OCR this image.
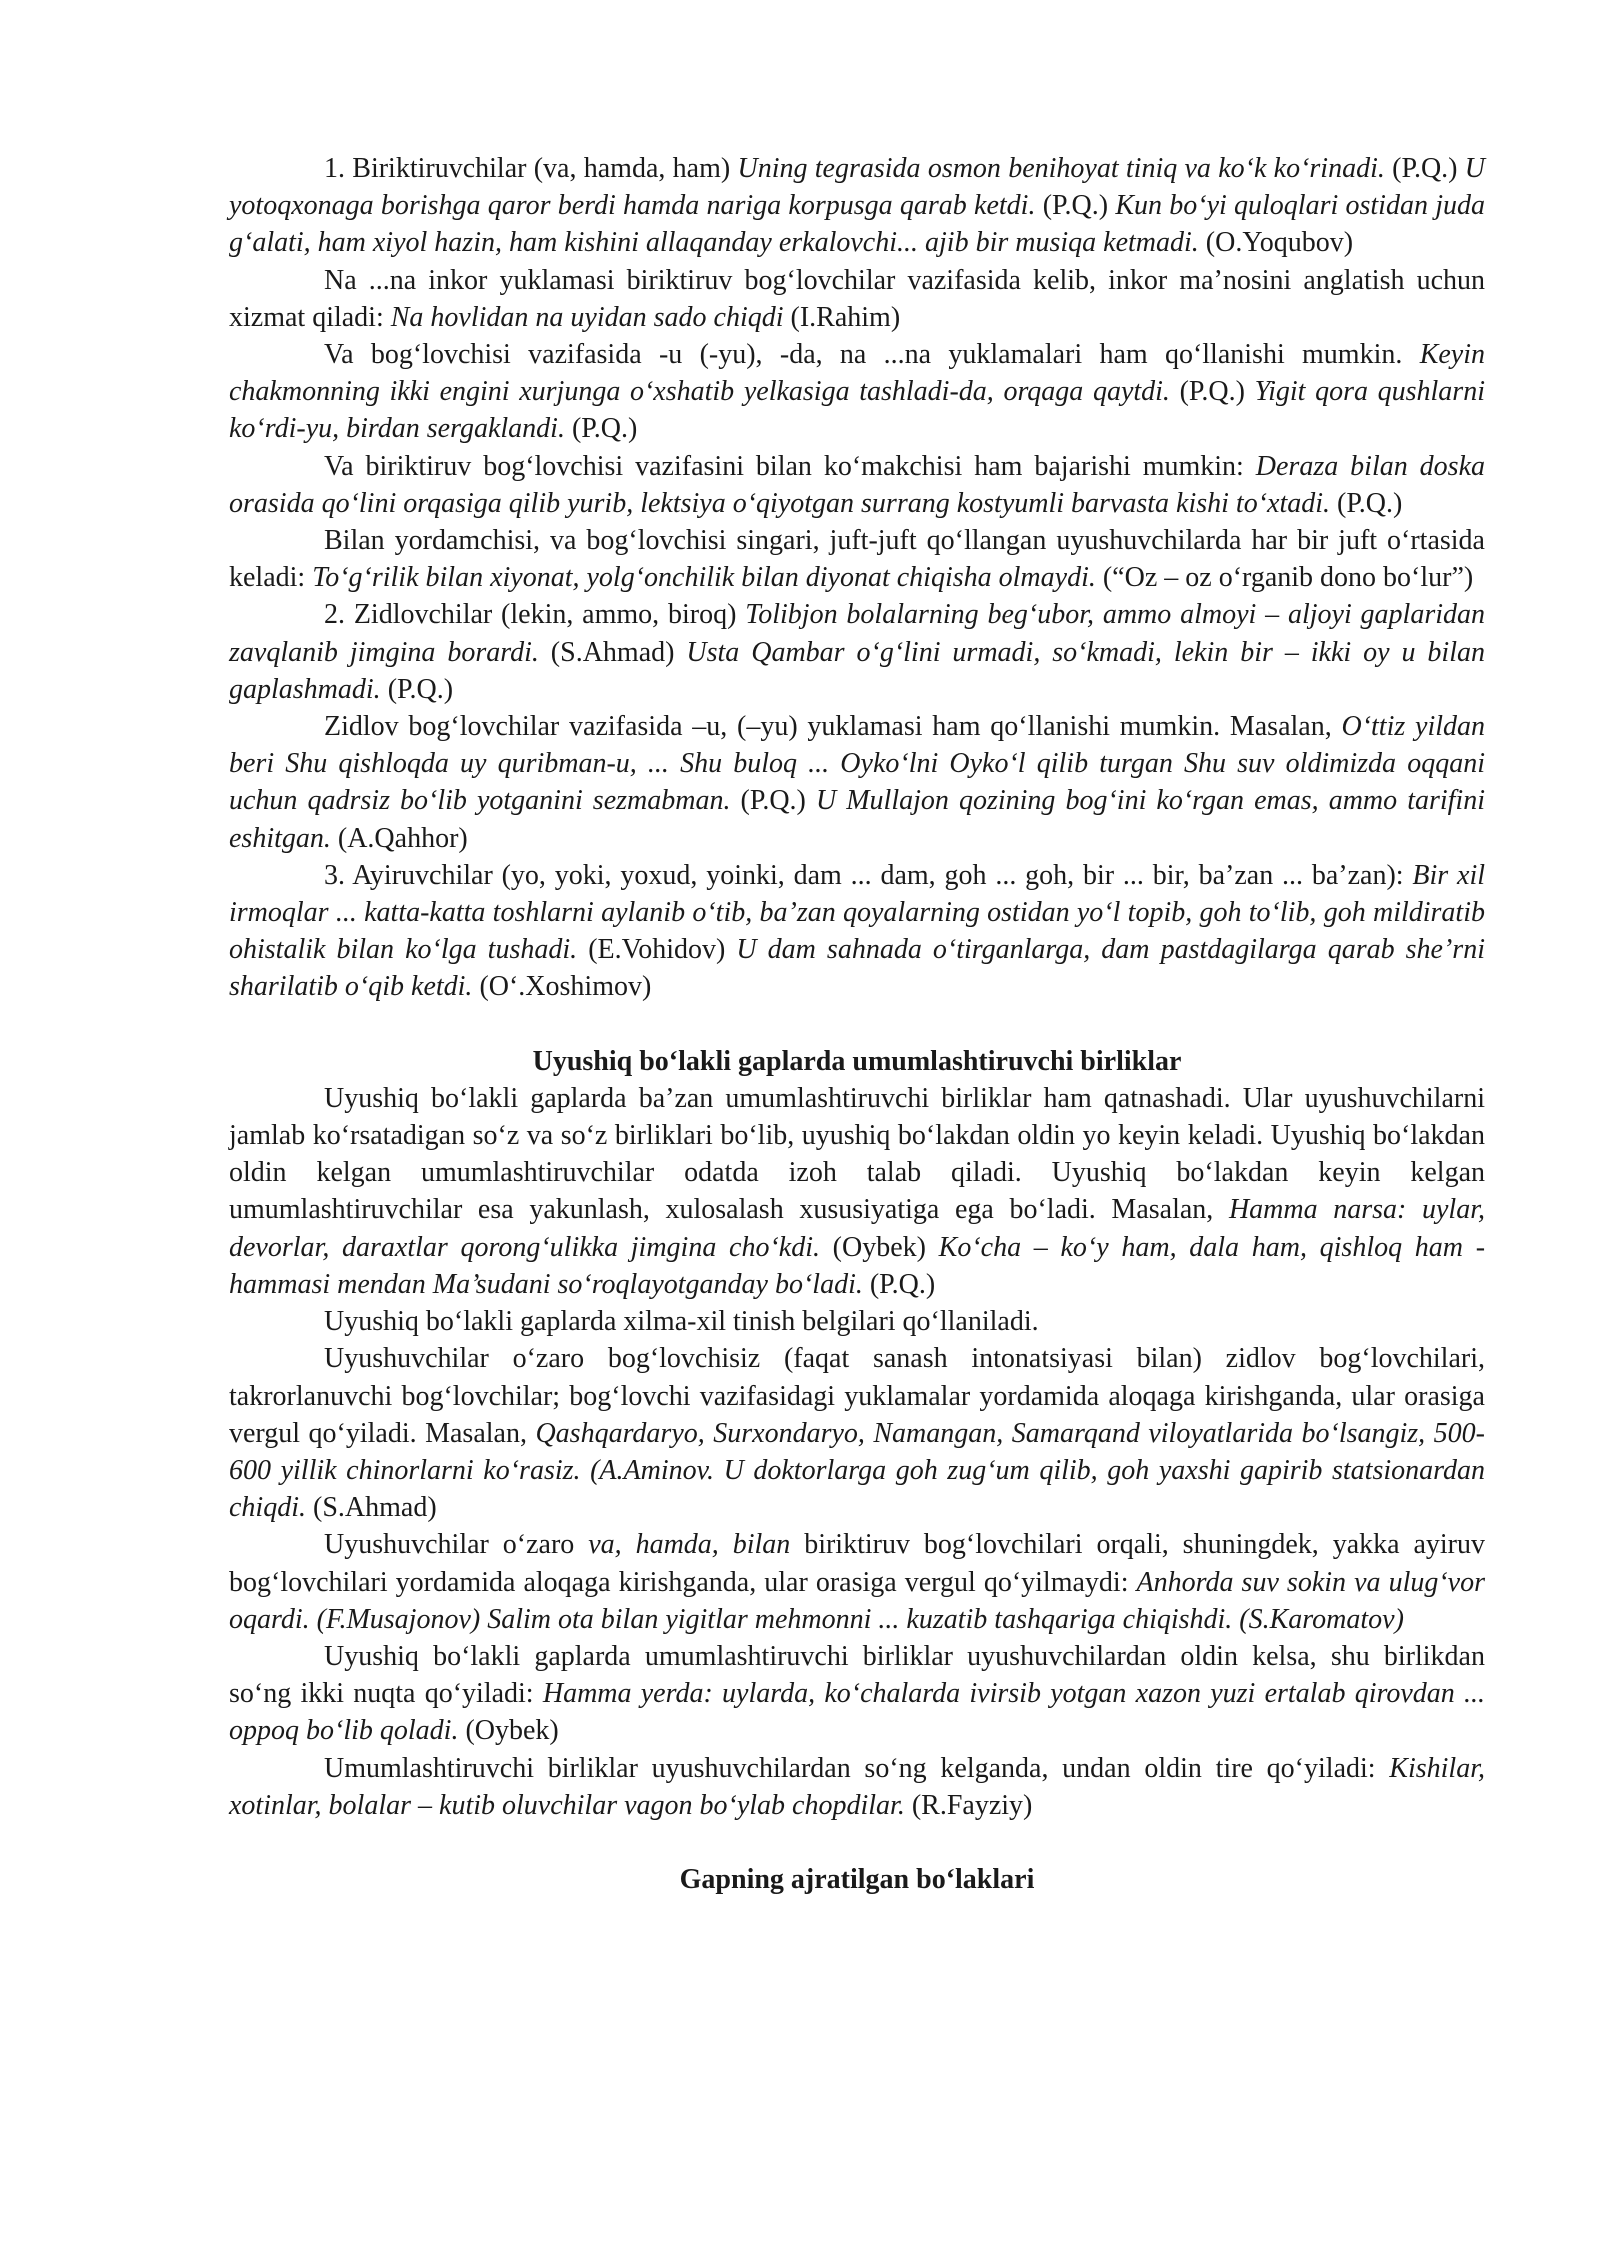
1. Biriktiruvchilar (va, hamda, ham) Uning tegrasida osmon benihoyat tiniq va ko‘k ko‘rinadi. (P.Q.) U yotoqxonaga borishga qaror berdi hamda nariga korpusga qarab ketdi. (P.Q.) Kun bo‘yi quloqlari ostidan juda g‘alati, ham xiyol hazin, ham kishini allaqanday erkalovchi... ajib bir musiqa ketmadi. (O.Yoqubov)

Na ...na inkor yuklamasi biriktiruv bog‘lovchilar vazifasida kelib, inkor ma’nosini anglatish uchun xizmat qiladi: Na hovlidan na uyidan sado chiqdi (I.Rahim)

Va bog‘lovchisi vazifasida -u (-yu), -da, na ...na yuklamalari ham qo‘llanishi mumkin. Keyin chakmonning ikki engini xurjunga o‘xshatib yelkasiga tashladi-da, orqaga qaytdi. (P.Q.) Yigit qora qushlarni ko‘rdi-yu, birdan sergaklandi. (P.Q.)

Va biriktiruv bog‘lovchisi vazifasini bilan ko‘makchisi ham bajarishi mumkin: Deraza bilan doska orasida qo‘lini orqasiga qilib yurib, lektsiya o‘qiyotgan surrang kostyumli barvasta kishi to‘xtadi. (P.Q.)

Bilan yordamchisi, va bog‘lovchisi singari, juft-juft qo‘llangan uyushuvchilarda har bir juft o‘rtasida keladi: To‘g‘rilik bilan xiyonat, yolg‘onchilik bilan diyonat chiqisha olmaydi. (“Oz – oz o‘rganib dono bo‘lur”)

2. Zidlovchilar (lekin, ammo, biroq) Tolibjon bolalarning beg‘ubor, ammo almoyi – aljoyi gaplaridan zavqlanib jimgina borardi. (S.Ahmad) Usta Qambar o‘g‘lini urmadi, so‘kmadi, lekin bir – ikki oy u bilan gaplashmadi. (P.Q.)

Zidlov bog‘lovchilar vazifasida –u, (–yu) yuklamasi ham qo‘llanishi mumkin. Masalan, O‘ttiz yildan beri Shu qishloqda uy quribman-u, ... Shu buloq ... Oyko‘lni Oyko‘l qilib turgan Shu suv oldimizda oqqani uchun qadrsiz bo‘lib yotganini sezmabman. (P.Q.) U Mullajon qozining bog‘ini ko‘rgan emas, ammo tarifini eshitgan. (A.Qahhor)

3. Ayiruvchilar (yo, yoki, yoxud, yoinki, dam ... dam, goh ... goh, bir ... bir, ba’zan ... ba’zan): Bir xil irmoqlar ... katta-katta toshlarni aylanib o‘tib, ba’zan qoyalarning ostidan yo‘l topib, goh to‘lib, goh mildiratib ohistalik bilan ko‘lga tushadi. (E.Vohidov) U dam sahnada o‘tirganlarga, dam pastdagilarga qarab she’rni sharilatib o‘qib ketdi. (O‘.Xoshimov)

Uyushiq bo‘lakli gaplarda umumlashtiruvchi birliklar

Uyushiq bo‘lakli gaplarda ba’zan umumlashtiruvchi birliklar ham qatnashadi. Ular uyushuvchilarni jamlab ko‘rsatadigan so‘z va so‘z birliklari bo‘lib, uyushiq bo‘lakdan oldin yo keyin keladi. Uyushiq bo‘lakdan oldin kelgan umumlashtiruvchilar odatda izoh talab qiladi. Uyushiq bo‘lakdan keyin kelgan umumlashtiruvchilar esa yakunlash, xulosalash xususiyatiga ega bo‘ladi. Masalan, Hamma narsa: uylar, devorlar, daraxtlar qorong‘ulikka jimgina cho‘kdi. (Oybek) Ko‘cha – ko‘y ham, dala ham, qishloq ham - hammasi mendan Ma’sudani so‘roqlayotganday bo‘ladi. (P.Q.)

Uyushiq bo‘lakli gaplarda xilma-xil tinish belgilari qo‘llaniladi.

Uyushuvchilar o‘zaro bog‘lovchisiz (faqat sanash intonatsiyasi bilan) zidlov bog‘lovchilari, takrorlanuvchi bog‘lovchilar; bog‘lovchi vazifasidagi yuklamalar yordamida aloqaga kirishganda, ular orasiga vergul qo‘yiladi. Masalan, Qashqardaryo, Surxondaryo, Namangan, Samarqand viloyatlarida bo‘lsangiz, 500-600 yillik chinorlarni ko‘rasiz. (A.Aminov. U doktorlarga goh zug‘um qilib, goh yaxshi gapirib statsionardan chiqdi. (S.Ahmad)

Uyushuvchilar o‘zaro va, hamda, bilan biriktiruv bog‘lovchilari orqali, shuningdek, yakka ayiruv bog‘lovchilari yordamida aloqaga kirishganda, ular orasiga vergul qo‘yilmaydi: Anhorda suv sokin va ulug‘vor oqardi. (F.Musajonov) Salim ota bilan yigitlar mehmonni ... kuzatib tashqariga chiqishdi. (S.Karomatov)

Uyushiq bo‘lakli gaplarda umumlashtiruvchi birliklar uyushuvchilardan oldin kelsa, shu birlikdan so‘ng ikki nuqta qo‘yiladi: Hamma yerda: uylarda, ko‘chalarda ivirsib yotgan xazon yuzi ertalab qirovdan ... oppoq bo‘lib qoladi. (Oybek)

Umumlashtiruvchi birliklar uyushuvchilardan so‘ng kelganda, undan oldin tire qo‘yiladi: Kishilar, xotinlar, bolalar – kutib oluvchilar vagon bo‘ylab chopdilar. (R.Fayziy)

Gapning ajratilgan bo‘laklari
